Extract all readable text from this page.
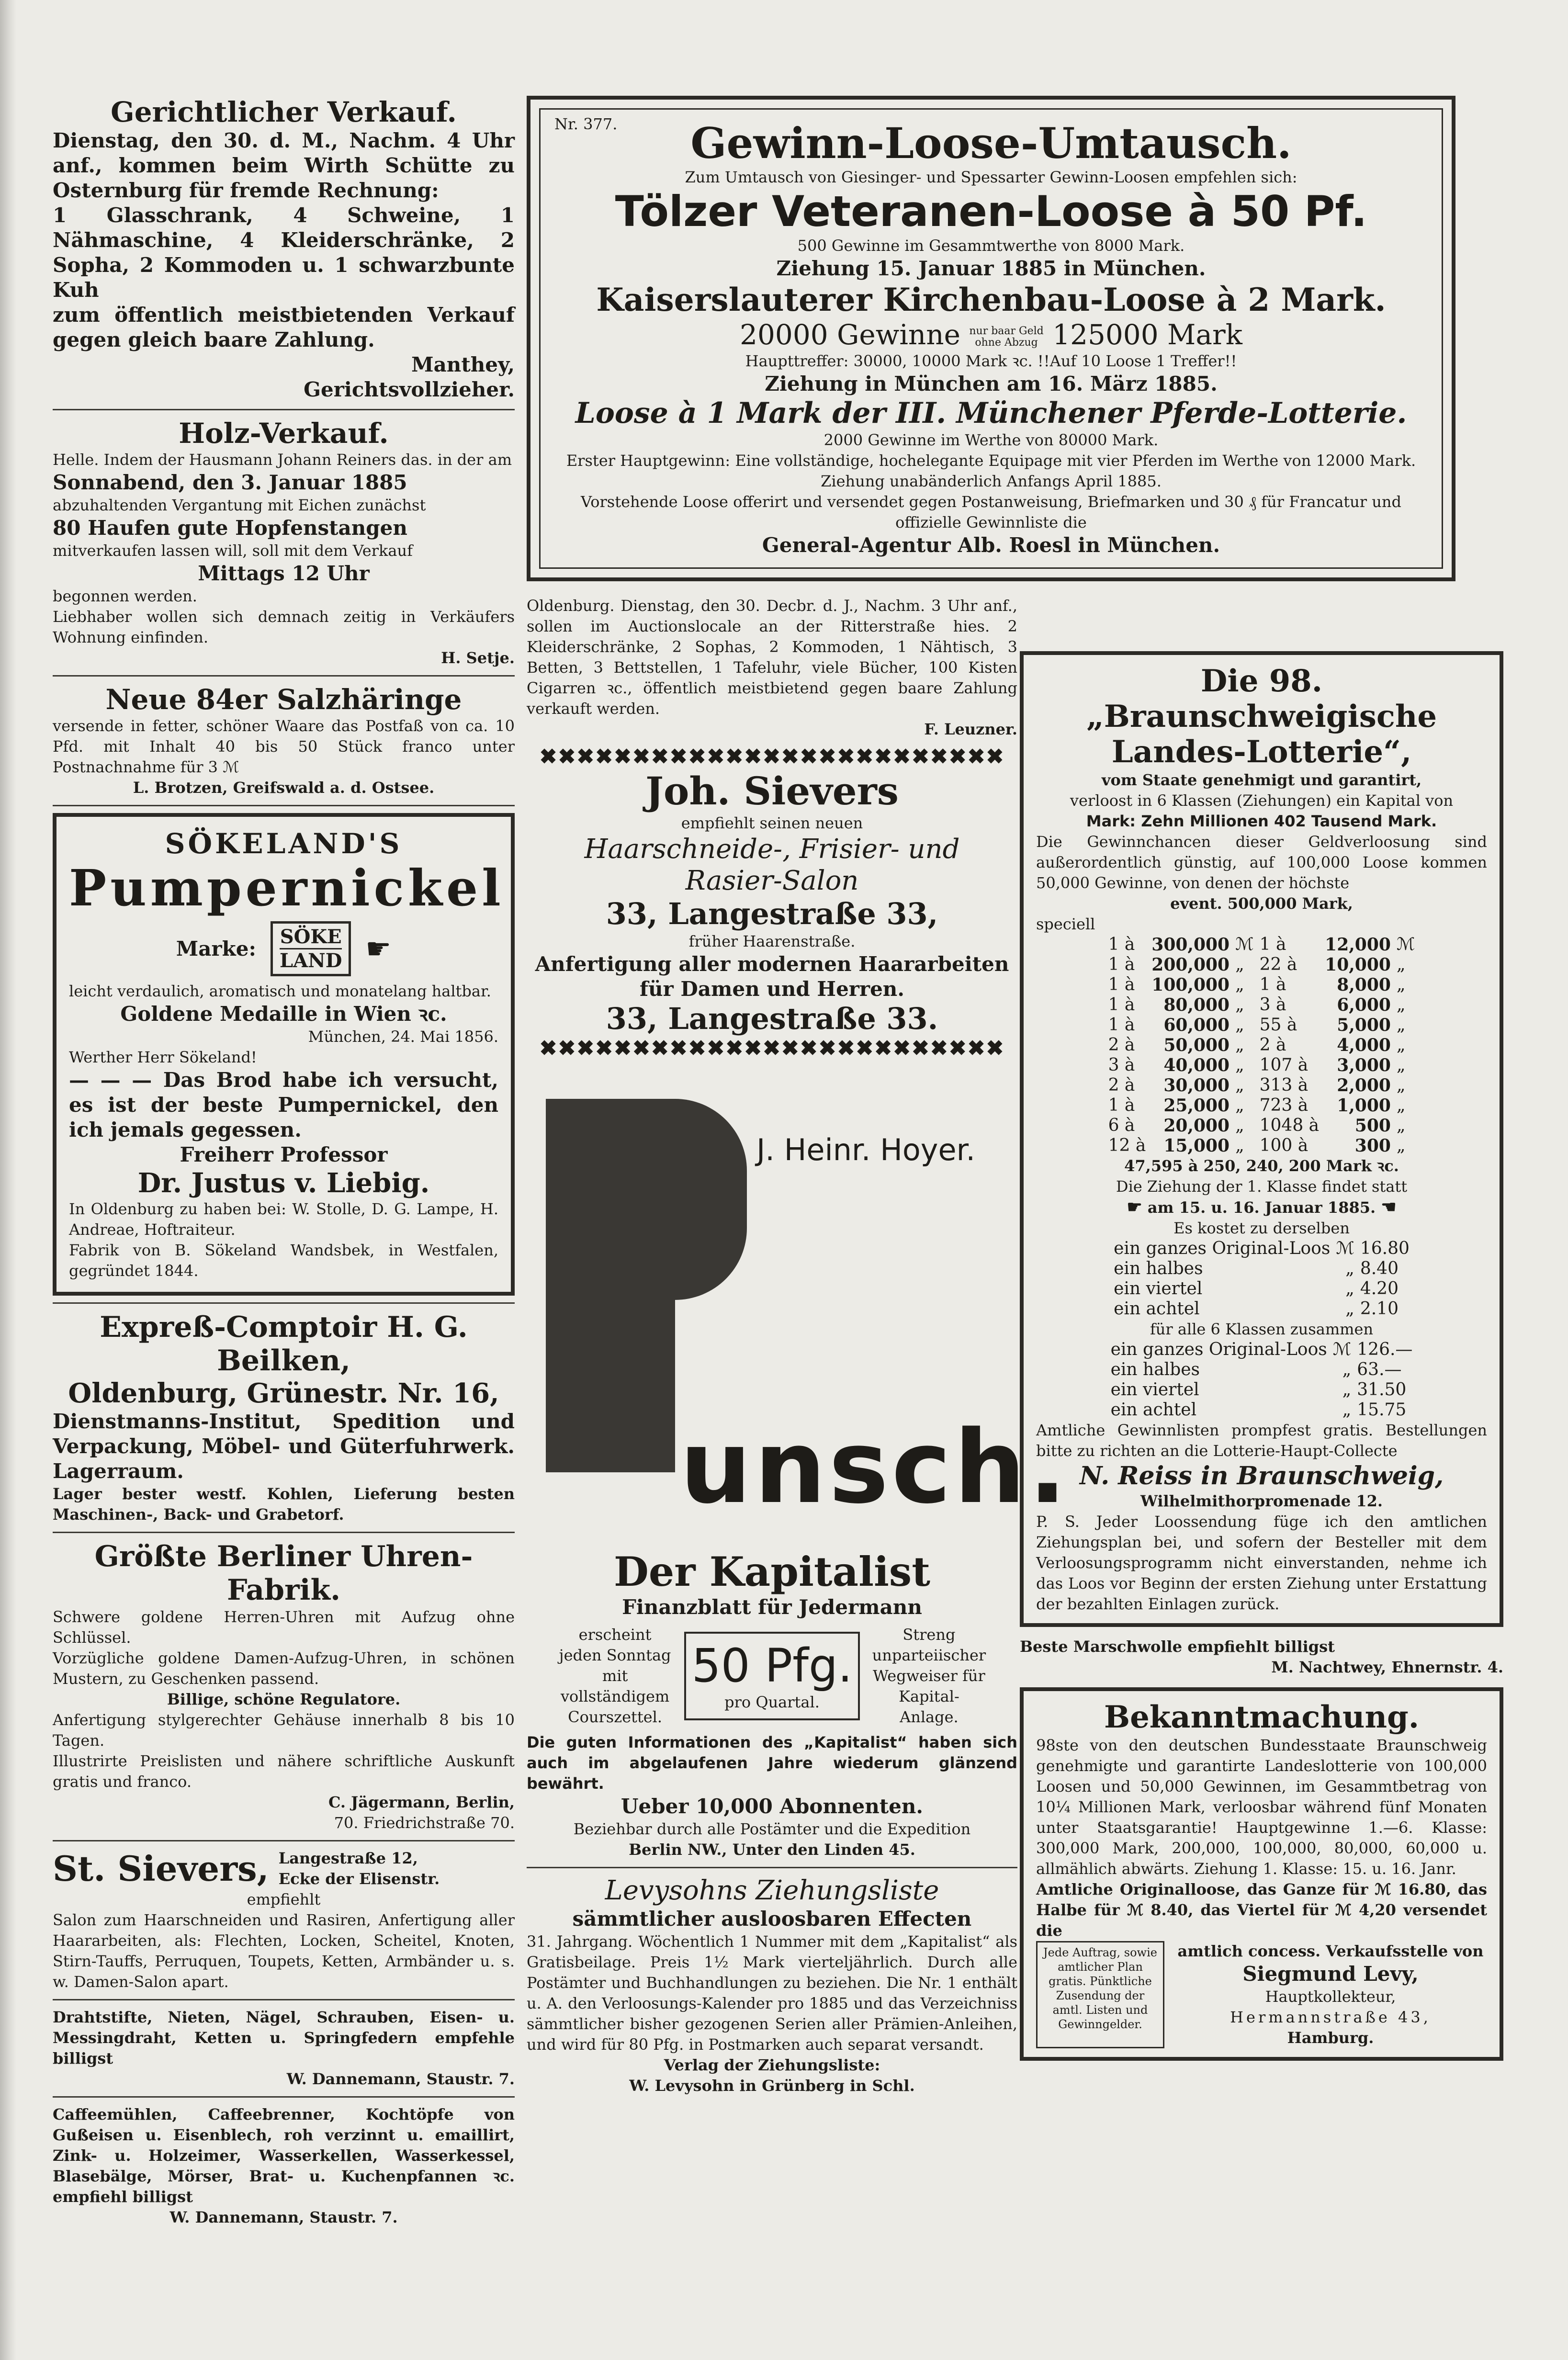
Gerichtlicher Verkauf.

Dienstag, den 30. d. M., Nachm. 4 Uhr anf., kommen beim Wirth Schütte zu Osternburg für fremde Rechnung:

1 Glasschrank, 4 Schweine, 1 Nähmaschine, 4 Kleiderschränke, 2 Sopha, 2 Kommoden u. 1 schwarzbunte Kuh

zum öffentlich meistbietenden Verkauf gegen gleich baare Zahlung.

Manthey,

Gerichtsvollzieher.

Holz-Verkauf.

Helle. Indem der Hausmann Johann Reiners das. in der am

Sonnabend, den 3. Januar 1885

abzuhaltenden Vergantung mit Eichen zunächst

80 Haufen gute Hopfenstangen

mitverkaufen lassen will, soll mit dem Verkauf

Mittags 12 Uhr

begonnen werden.

Liebhaber wollen sich demnach zeitig in Verkäufers Wohnung einfinden.

H. Setje.

Neue 84er Salzhäringe

versende in fetter, schöner Waare das Postfaß von ca. 10 Pfd. mit Inhalt 40 bis 50 Stück franco unter Postnachnahme für 3 ℳ

L. Brotzen, Greifswald a. d. Ostsee.

SÖKELAND'S

Pumpernickel

Marke: SÖKE
LAND ☛

leicht verdaulich, aromatisch und monatelang haltbar.

Goldene Medaille in Wien ꝛc.

München, 24. Mai 1856.

Werther Herr Sökeland!

— — — Das Brod habe ich versucht, es ist der beste Pumpernickel, den ich jemals gegessen.

Freiherr Professor

Dr. Justus v. Liebig.

In Oldenburg zu haben bei: W. Stolle, D. G. Lampe, H. Andreae, Hoftraiteur.

Fabrik von B. Sökeland Wandsbek, in Westfalen, gegründet 1844.

Expreß-Comptoir H. G. Beilken,

Oldenburg, Grünestr. Nr. 16,

Dienstmanns-Institut, Spedition und Verpackung, Möbel- und Güterfuhrwerk. Lagerraum.

Lager bester westf. Kohlen, Lieferung besten Maschinen-, Back- und Grabetorf.

Größte Berliner Uhren-Fabrik.

Schwere goldene Herren-Uhren mit Aufzug ohne Schlüssel.

Vorzügliche goldene Damen-Aufzug-Uhren, in schönen Mustern, zu Geschenken passend.

Billige, schöne Regulatore.

Anfertigung stylgerechter Gehäuse innerhalb 8 bis 10 Tagen.

Illustrirte Preislisten und nähere schriftliche Auskunft gratis und franco.

C. Jägermann, Berlin,

70. Friedrichstraße 70.

St. Sievers, Langestraße 12,
Ecke der Elisenstr.

empfiehlt

Salon zum Haarschneiden und Rasiren, Anfertigung aller Haararbeiten, als: Flechten, Locken, Scheitel, Knoten, Stirn-Tauffs, Perruquen, Toupets, Ketten, Armbänder u. s. w. Damen-Salon apart.

Drahtstifte, Nieten, Nägel, Schrauben, Eisen- u. Messingdraht, Ketten u. Springfedern empfehle billigst

W. Dannemann, Staustr. 7.

Caffeemühlen, Caffeebrenner, Kochtöpfe von Gußeisen u. Eisenblech, roh verzinnt u. emaillirt, Zink- u. Holzeimer, Wasserkellen, Wasserkessel, Blasebälge, Mörser, Brat- u. Kuchenpfannen ꝛc. empfiehl billigst

W. Dannemann, Staustr. 7.

Nr. 377.	Gewinn-Loose-Umtausch.

Zum Umtausch von Giesinger- und Spessarter Gewinn-Loosen empfehlen sich:

Tölzer Veteranen-Loose à 50 Pf.

500 Gewinne im Gesammtwerthe von 8000 Mark.

Ziehung 15. Januar 1885 in München.

Kaiserslauterer Kirchenbau-Loose à 2 Mark.

20000 Gewinne nur baar Geld
ohne Abzug 125000 Mark

Haupttreffer: 30000, 10000 Mark ꝛc. !!Auf 10 Loose 1 Treffer!!

Ziehung in München am 16. März 1885.

Loose à 1 Mark der III. Münchener Pferde-Lotterie.

2000 Gewinne im Werthe von 80000 Mark.

Erster Hauptgewinn: Eine vollständige, hochelegante Equipage mit vier Pferden im Werthe von 12000 Mark.

Ziehung unabänderlich Anfangs April 1885.

Vorstehende Loose offerirt und versendet gegen Postanweisung, Briefmarken und 30 ₰ für Francatur und offizielle Gewinnliste die

General-Agentur Alb. Roesl in München.

Oldenburg. Dienstag, den 30. Decbr. d. J., Nachm. 3 Uhr anf., sollen im Auctionslocale an der Ritterstraße hies. 2 Kleiderschränke, 2 Sophas, 2 Kommoden, 1 Nähtisch, 3 Betten, 3 Bettstellen, 1 Tafeluhr, viele Bücher, 100 Kisten Cigarren ꝛc., öffentlich meistbietend gegen baare Zahlung verkauft werden.

F. Leuzner.

✖✖✖✖✖✖✖✖✖✖✖✖✖✖✖✖✖✖✖✖✖✖✖✖✖

Joh. Sievers

empfiehlt seinen neuen

Haarschneide-, Frisier- und

Rasier-Salon

33, Langestraße 33,

früher Haarenstraße.

Anfertigung aller modernen Haararbeiten für Damen und Herren.

33, Langestraße 33.

✖✖✖✖✖✖✖✖✖✖✖✖✖✖✖✖✖✖✖✖✖✖✖✖✖

J. Heinr. Hoyer.

unsch.

Der Kapitalist

Finanzblatt für Jedermann

erscheint jeden Sonntag mit vollständigem Courszettel.

50 Pfg.

pro Quartal.

Streng unparteiischer Wegweiser für Kapital-Anlage.

Die guten Informationen des „Kapitalist“ haben sich auch im abgelaufenen Jahre wiederum glänzend bewährt.

Ueber 10,000 Abonnenten.

Beziehbar durch alle Postämter und die Expedition

Berlin NW., Unter den Linden 45.

Levysohns Ziehungsliste

sämmtlicher ausloosbaren Effecten

31. Jahrgang. Wöchentlich 1 Nummer mit dem „Kapitalist“ als Gratisbeilage. Preis 1½ Mark vierteljährlich. Durch alle Postämter und Buchhandlungen zu beziehen. Die Nr. 1 enthält u. A. den Verloosungs-Kalender pro 1885 und das Verzeichniss sämmtlicher bisher gezogenen Serien aller Prämien-Anleihen, und wird für 80 Pfg. in Postmarken auch separat versandt.

Verlag der Ziehungsliste:

W. Levysohn in Grünberg in Schl.

Die 98. „Braunschweigische

Landes-Lotterie“,

vom Staate genehmigt und garantirt,

verloost in 6 Klassen (Ziehungen) ein Kapital von

Mark: Zehn Millionen 402 Tausend Mark.

Die Gewinnchancen dieser Geldverloosung sind außerordentlich günstig, auf 100,000 Loose kommen 50,000 Gewinne, von denen der höchste

event. 500,000 Mark,

speciell

1 à	300,000	ℳ	1 à	12,000	ℳ
1 à	200,000	„	22 à	10,000	„
1 à	100,000	„	1 à	8,000	„
1 à	80,000	„	3 à	6,000	„
1 à	60,000	„	55 à	5,000	„
2 à	50,000	„	2 à	4,000	„
3 à	40,000	„	107 à	3,000	„
2 à	30,000	„	313 à	2,000	„
1 à	25,000	„	723 à	1,000	„
6 à	20,000	„	1048 à	500	„
12 à	15,000	„	100 à	300	„

47,595 à 250, 240, 200 Mark ꝛc.

Die Ziehung der 1. Klasse findet statt

☛ am 15. u. 16. Januar 1885. ☚

Es kostet zu derselben

ein ganzes Original-Loos	ℳ	16.80
ein halbes	„	8.40
ein viertel	„	4.20
ein achtel	„	2.10

für alle 6 Klassen zusammen

ein ganzes Original-Loos	ℳ	126.—
ein halbes	„	63.—
ein viertel	„	31.50
ein achtel	„	15.75

Amtliche Gewinnlisten prompfest gratis. Bestellungen bitte zu richten an die Lotterie-Haupt-Collecte

N. Reiss in Braunschweig,

Wilhelmithorpromenade 12.

P. S. Jeder Loossendung füge ich den amtlichen Ziehungsplan bei, und sofern der Besteller mit dem Verloosungsprogramm nicht einverstanden, nehme ich das Loos vor Beginn der ersten Ziehung unter Erstattung der bezahlten Einlagen zurück.

Beste Marschwolle empfiehlt billigst

M. Nachtwey, Ehnernstr. 4.

Bekanntmachung.

98ste von den deutschen Bundesstaate Braunschweig genehmigte und garantirte Landeslotterie von 100,000 Loosen und 50,000 Gewinnen, im Gesammtbetrag von 10¼ Millionen Mark, verloosbar während fünf Monaten unter Staatsgarantie! Hauptgewinne 1.—6. Klasse: 300,000 Mark, 200,000, 100,000, 80,000, 60,000 u. allmählich abwärts. Ziehung 1. Klasse: 15. u. 16. Janr.

Amtliche Originalloose, das Ganze für ℳ 16.80, das Halbe für ℳ 8.40, das Viertel für ℳ 4,20 versendet die

Jede Auftrag, sowie amtlicher Plan gratis. Pünktliche Zusendung der amtl. Listen und Gewinngelder.

amtlich concess. Verkaufsstelle von

Siegmund Levy,

Hauptkollekteur,

Hermannstraße 43,

Hamburg.
